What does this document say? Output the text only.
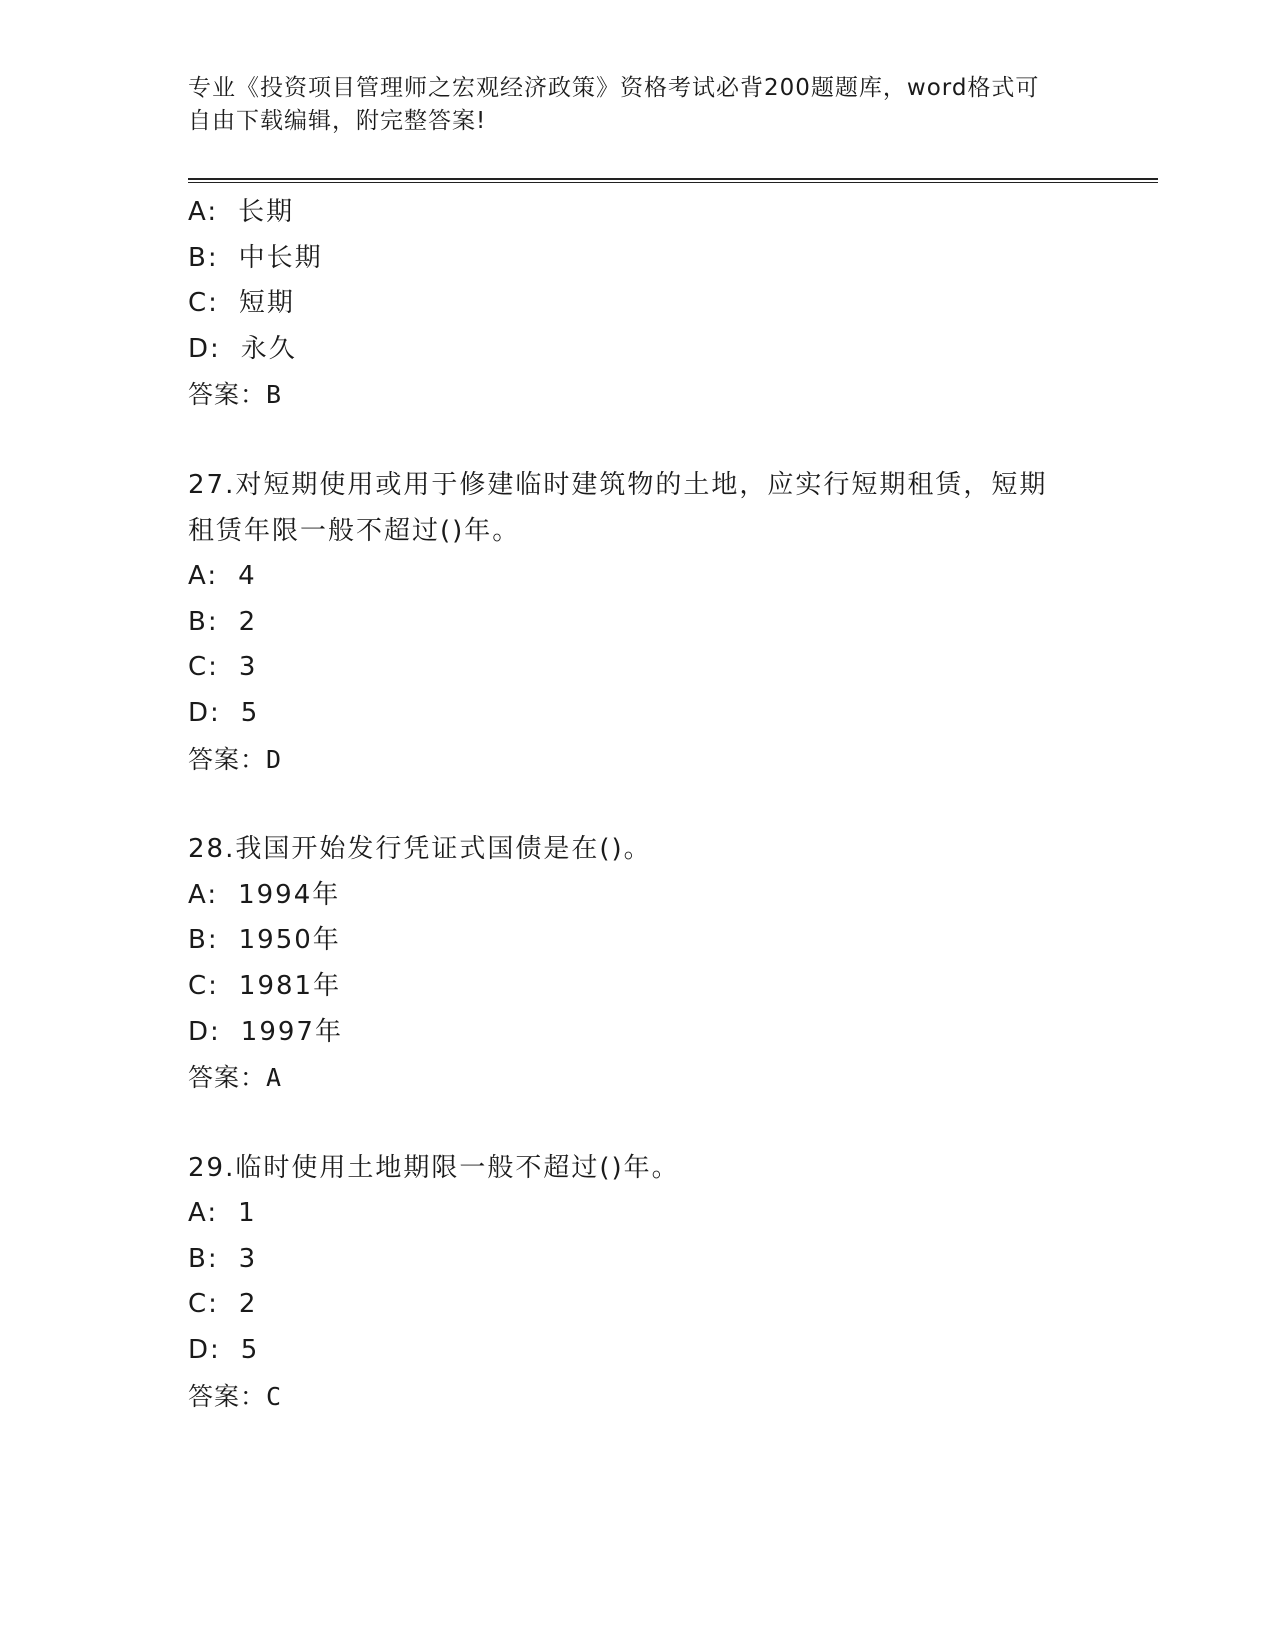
专业《投资项目管理师之宏观经济政策》资格考试必背200题题库，word格式可
自由下载编辑，附完整答案!
A: 长期
B: 中长期
C: 短期
D: 永久
答案：B
27.对短期使用或用于修建临时建筑物的土地，应实行短期租赁，短期
租赁年限一般不超过()年。
A: 4
B: 2
C: 3
D: 5
答案：D
28.我国开始发行凭证式国债是在()。
A: 1994年
B: 1950年
C: 1981年
D: 1997年
答案：A
29.临时使用土地期限一般不超过()年。
A: 1
B: 3
C: 2
D: 5
答案：C
